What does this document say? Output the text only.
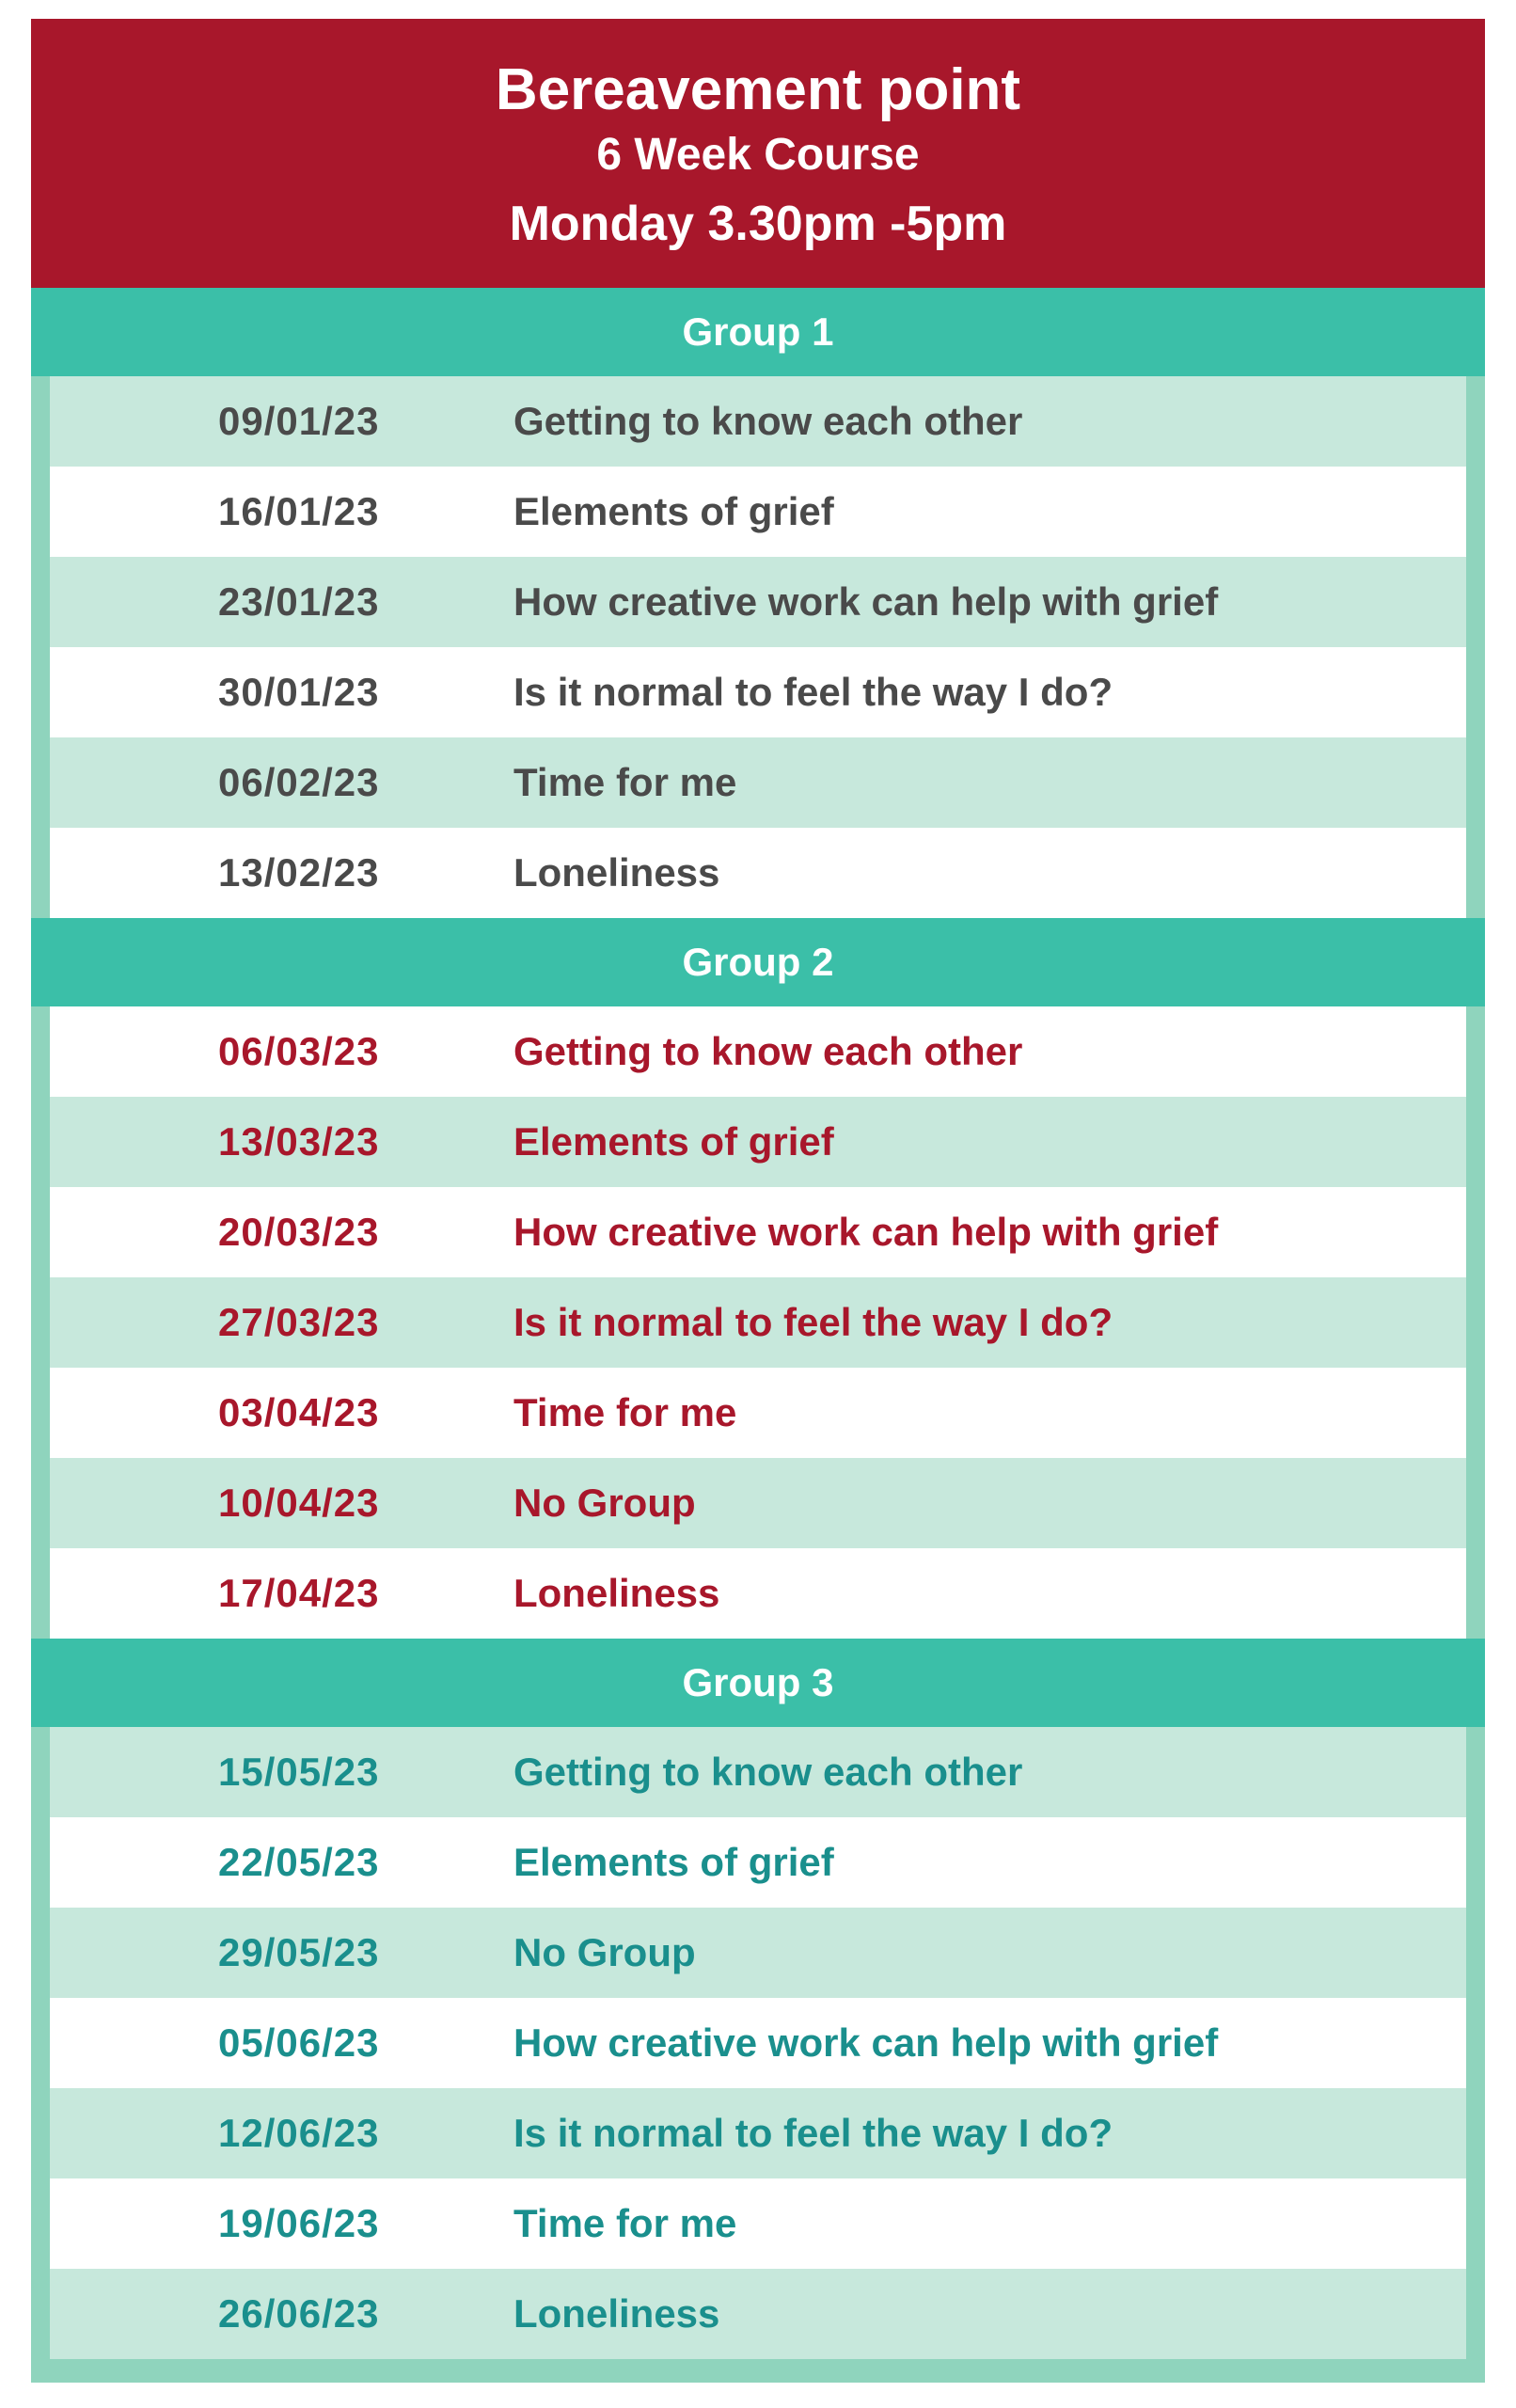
Bereavement point
6 Week Course
Monday 3.30pm -5pm
Group 1
09/01/23	Getting to know each other
16/01/23	Elements of grief
23/01/23	How creative work can help with grief
30/01/23	Is it normal to feel the way I do?
06/02/23	Time for me
13/02/23	Loneliness
Group 2
06/03/23	Getting to know each other
13/03/23	Elements of grief
20/03/23	How creative work can help with grief
27/03/23	Is it normal to feel the way I do?
03/04/23	Time for me
10/04/23	No Group
17/04/23	Loneliness
Group 3
15/05/23	Getting to know each other
22/05/23	Elements of grief
29/05/23	No Group
05/06/23	How creative work can help with grief
12/06/23	Is it normal to feel the way I do?
19/06/23	Time for me
26/06/23	Loneliness
